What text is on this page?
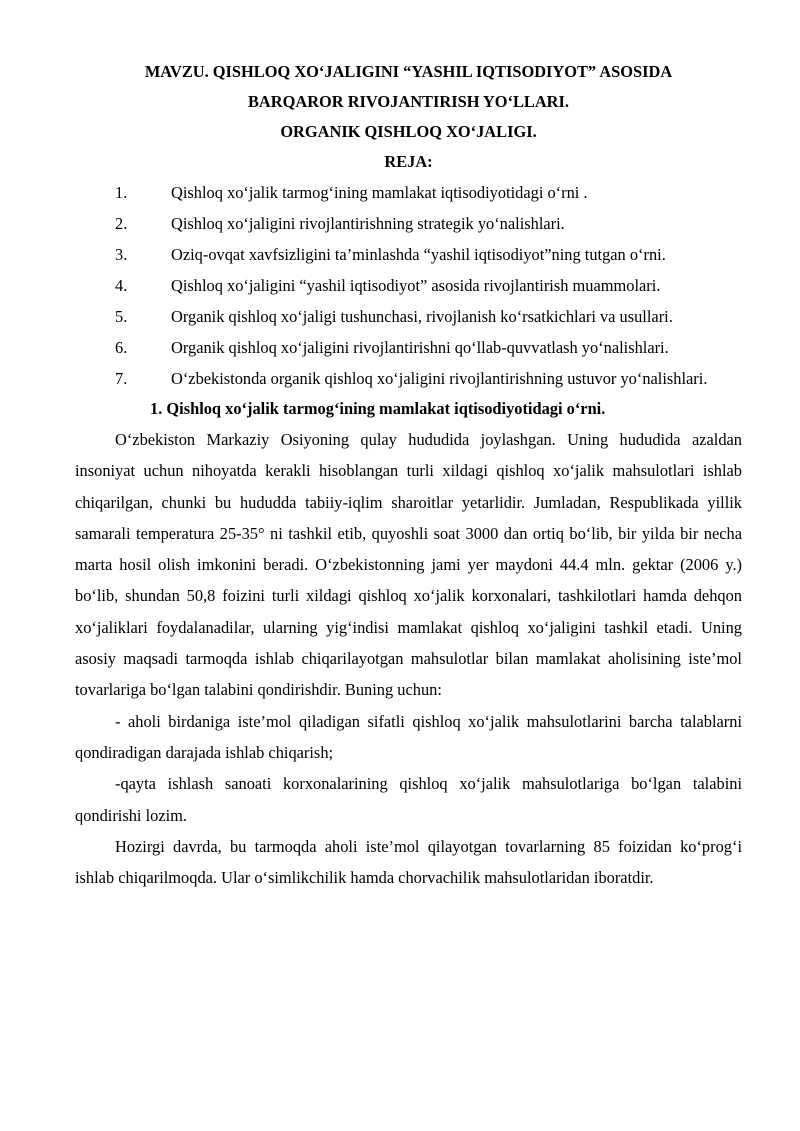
MAVZU. QISHLOQ XO‘JALIGINI “YASHIL IQTISODIYOT” ASOSIDA

BARQAROR RIVOJANTIRISH YO‘LLARI.

ORGANIK QISHLOQ XO‘JALIGI.

REJA:

1.	Qishloq xo‘jalik tarmog‘ining mamlakat iqtisodiyotidagi o‘rni .
2.	Qishloq xo‘jaligini rivojlantirishning strategik yo‘nalishlari.
3.	Oziq-ovqat xavfsizligini ta’minlashda “yashil iqtisodiyot”ning tutgan o‘rni.
4.	Qishloq xo‘jaligini “yashil iqtisodiyot” asosida rivojlantirish muammolari.
5.	Organik qishloq xo‘jaligi tushunchasi, rivojlanish ko‘rsatkichlari va usullari.
6.	Organik qishloq xo‘jaligini rivojlantirishni qo‘llab-quvvatlash yo‘nalishlari.
7.	O‘zbekistonda organik qishloq xo‘jaligini rivojlantirishning ustuvor yo‘nalishlari.

1. Qishloq xo‘jalik tarmog‘ining mamlakat iqtisodiyotidagi o‘rni.

O‘zbekiston Markaziy Osiyoning qulay hududida joylashgan. Uning hududida azaldan insoniyat uchun nihoyatda kerakli hisoblangan turli xildagi qishloq xo‘jalik mahsulotlari ishlab chiqarilgan, chunki bu hududda tabiiy-iqlim sharoitlar yetarlidir. Jumladan, Respublikada yillik samarali temperatura 25-35° ni tashkil etib, quyoshli soat 3000 dan ortiq bo‘lib, bir yilda bir necha marta hosil olish imkonini beradi. O‘zbekistonning jami yer maydoni 44.4 mln. gektar (2006 y.) bo‘lib, shundan 50,8 foizini turli xildagi qishloq xo‘jalik korxonalari, tashkilotlari hamda dehqon xo‘jaliklari foydalanadilar, ularning yig‘indisi mamlakat qishloq xo‘jaligini tashkil etadi. Uning asosiy maqsadi tarmoqda ishlab chiqarilayotgan mahsulotlar bilan mamlakat aholisining iste’mol tovarlariga bo‘lgan talabini qondirishdir. Buning uchun:

- aholi birdaniga iste’mol qiladigan sifatli qishloq xo‘jalik mahsulotlarini barcha talablarni qondiradigan darajada ishlab chiqarish;

-qayta ishlash sanoati korxonalarining qishloq xo‘jalik mahsulotlariga bo‘lgan talabini qondirishi lozim.

Hozirgi davrda, bu tarmoqda aholi iste’mol qilayotgan tovarlarning 85 foizidan ko‘prog‘i ishlab chiqarilmoqda. Ular o‘simlikchilik hamda chorvachilik mahsulotlaridan iboratdir.
